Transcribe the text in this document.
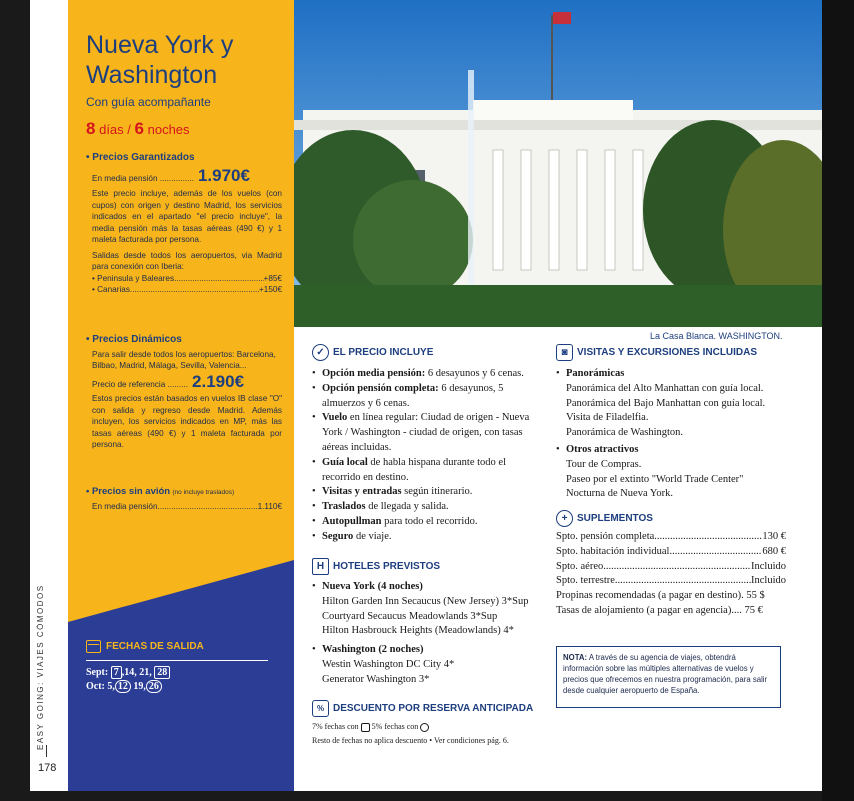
La Casa Blanca. WASHINGTON.
EASY GOING: VIAJES CÓMODOS
178
Nueva York y
Washington
Con guía acompañante
8 días / 6 noches
• Precios Garantizados
En media pensión ............... 1.970€
Este precio incluye, además de los vuelos (con cupos) con origen y destino Madrid, los servicios indicados en el apartado "el precio incluye", la media pensión más la tasas aéreas (490 €) y 1 maleta facturada por persona.
Salidas desde todos los aeropuertos, via Madrid para conexión con Iberia:
• Peninsula y Baleares .....	+85€
• Canarias .....	+150€
• Precios Dinámicos
Para salir desde todos los aeropuertos: Barcelona, Bilbao, Madrid, Málaga, Sevilla, Valencia...
Precio de referencia ......... 2.190€
Estos precios están basados en vuelos IB clase "O" con salida y regreso desde Madrid. Además incluyen, los servicios indicados en MP, más las tasas aéreas (490 €) y 1 maleta facturada por persona.
• Precios sin avión (no incluye traslados)
En media pensión .....	1.110€
FECHAS DE SALIDA
Sept: 7 ,14, 21, 28
Oct: 5, 12 19, 26
✓ EL PRECIO INCLUYE
• Opción media pensión: 6 desayunos y 6 cenas.
• Opción pensión completa: 6 desayunos, 5 almuerzos y 6 cenas.
• Vuelo en línea regular: Ciudad de origen - Nueva York / Washington - ciudad de origen, con tasas aéreas incluidas.
• Guía local de habla hispana durante todo el recorrido en destino.
• Visitas y entradas según itinerario.
• Traslados de llegada y salida.
• Autopullman para todo el recorrido.
• Seguro de viaje.
H HOTELES PREVISTOS
• Nueva York (4 noches)
Hilton Garden Inn Secaucus (New Jersey) 3*Sup
Courtyard Secaucus Meadowlands 3*Sup
Hilton Hasbrouck Heights (Meadowlands) 4*
• Washington (2 noches)
Westin Washington DC City 4*
Generator Washington 3*
% DESCUENTO POR RESERVA ANTICIPADA
7% fechas con 5% fechas con
Resto de fechas no aplica descuento • Ver condiciones pág. 6.
◙ VISITAS Y EXCURSIONES INCLUIDAS
• Panorámicas
Panorámica del Alto Manhattan con guía local.
Panorámica del Bajo Manhattan con guía local.
Visita de Filadelfia.
Panorámica de Washington.
• Otros atractivos
Tour de Compras.
Paseo por el extinto "World Trade Center"
Nocturna de Nueva York.
+ SUPLEMENTOS
Spto. pensión completa .....	130 €
Spto. habitación individual .....	680 €
Spto. aéreo .....	Incluido
Spto. terrestre .....	Incluido
Propinas recomendadas (a pagar en destino). 55 $
Tasas de alojamiento (a pagar en agencia).... 75 €
NOTA: A través de su agencia de viajes, obtendrá información sobre las múltiples alternativas de vuelos y precios que ofrecemos en nuestra programación, para salir desde cualquier aeropuerto de España.
